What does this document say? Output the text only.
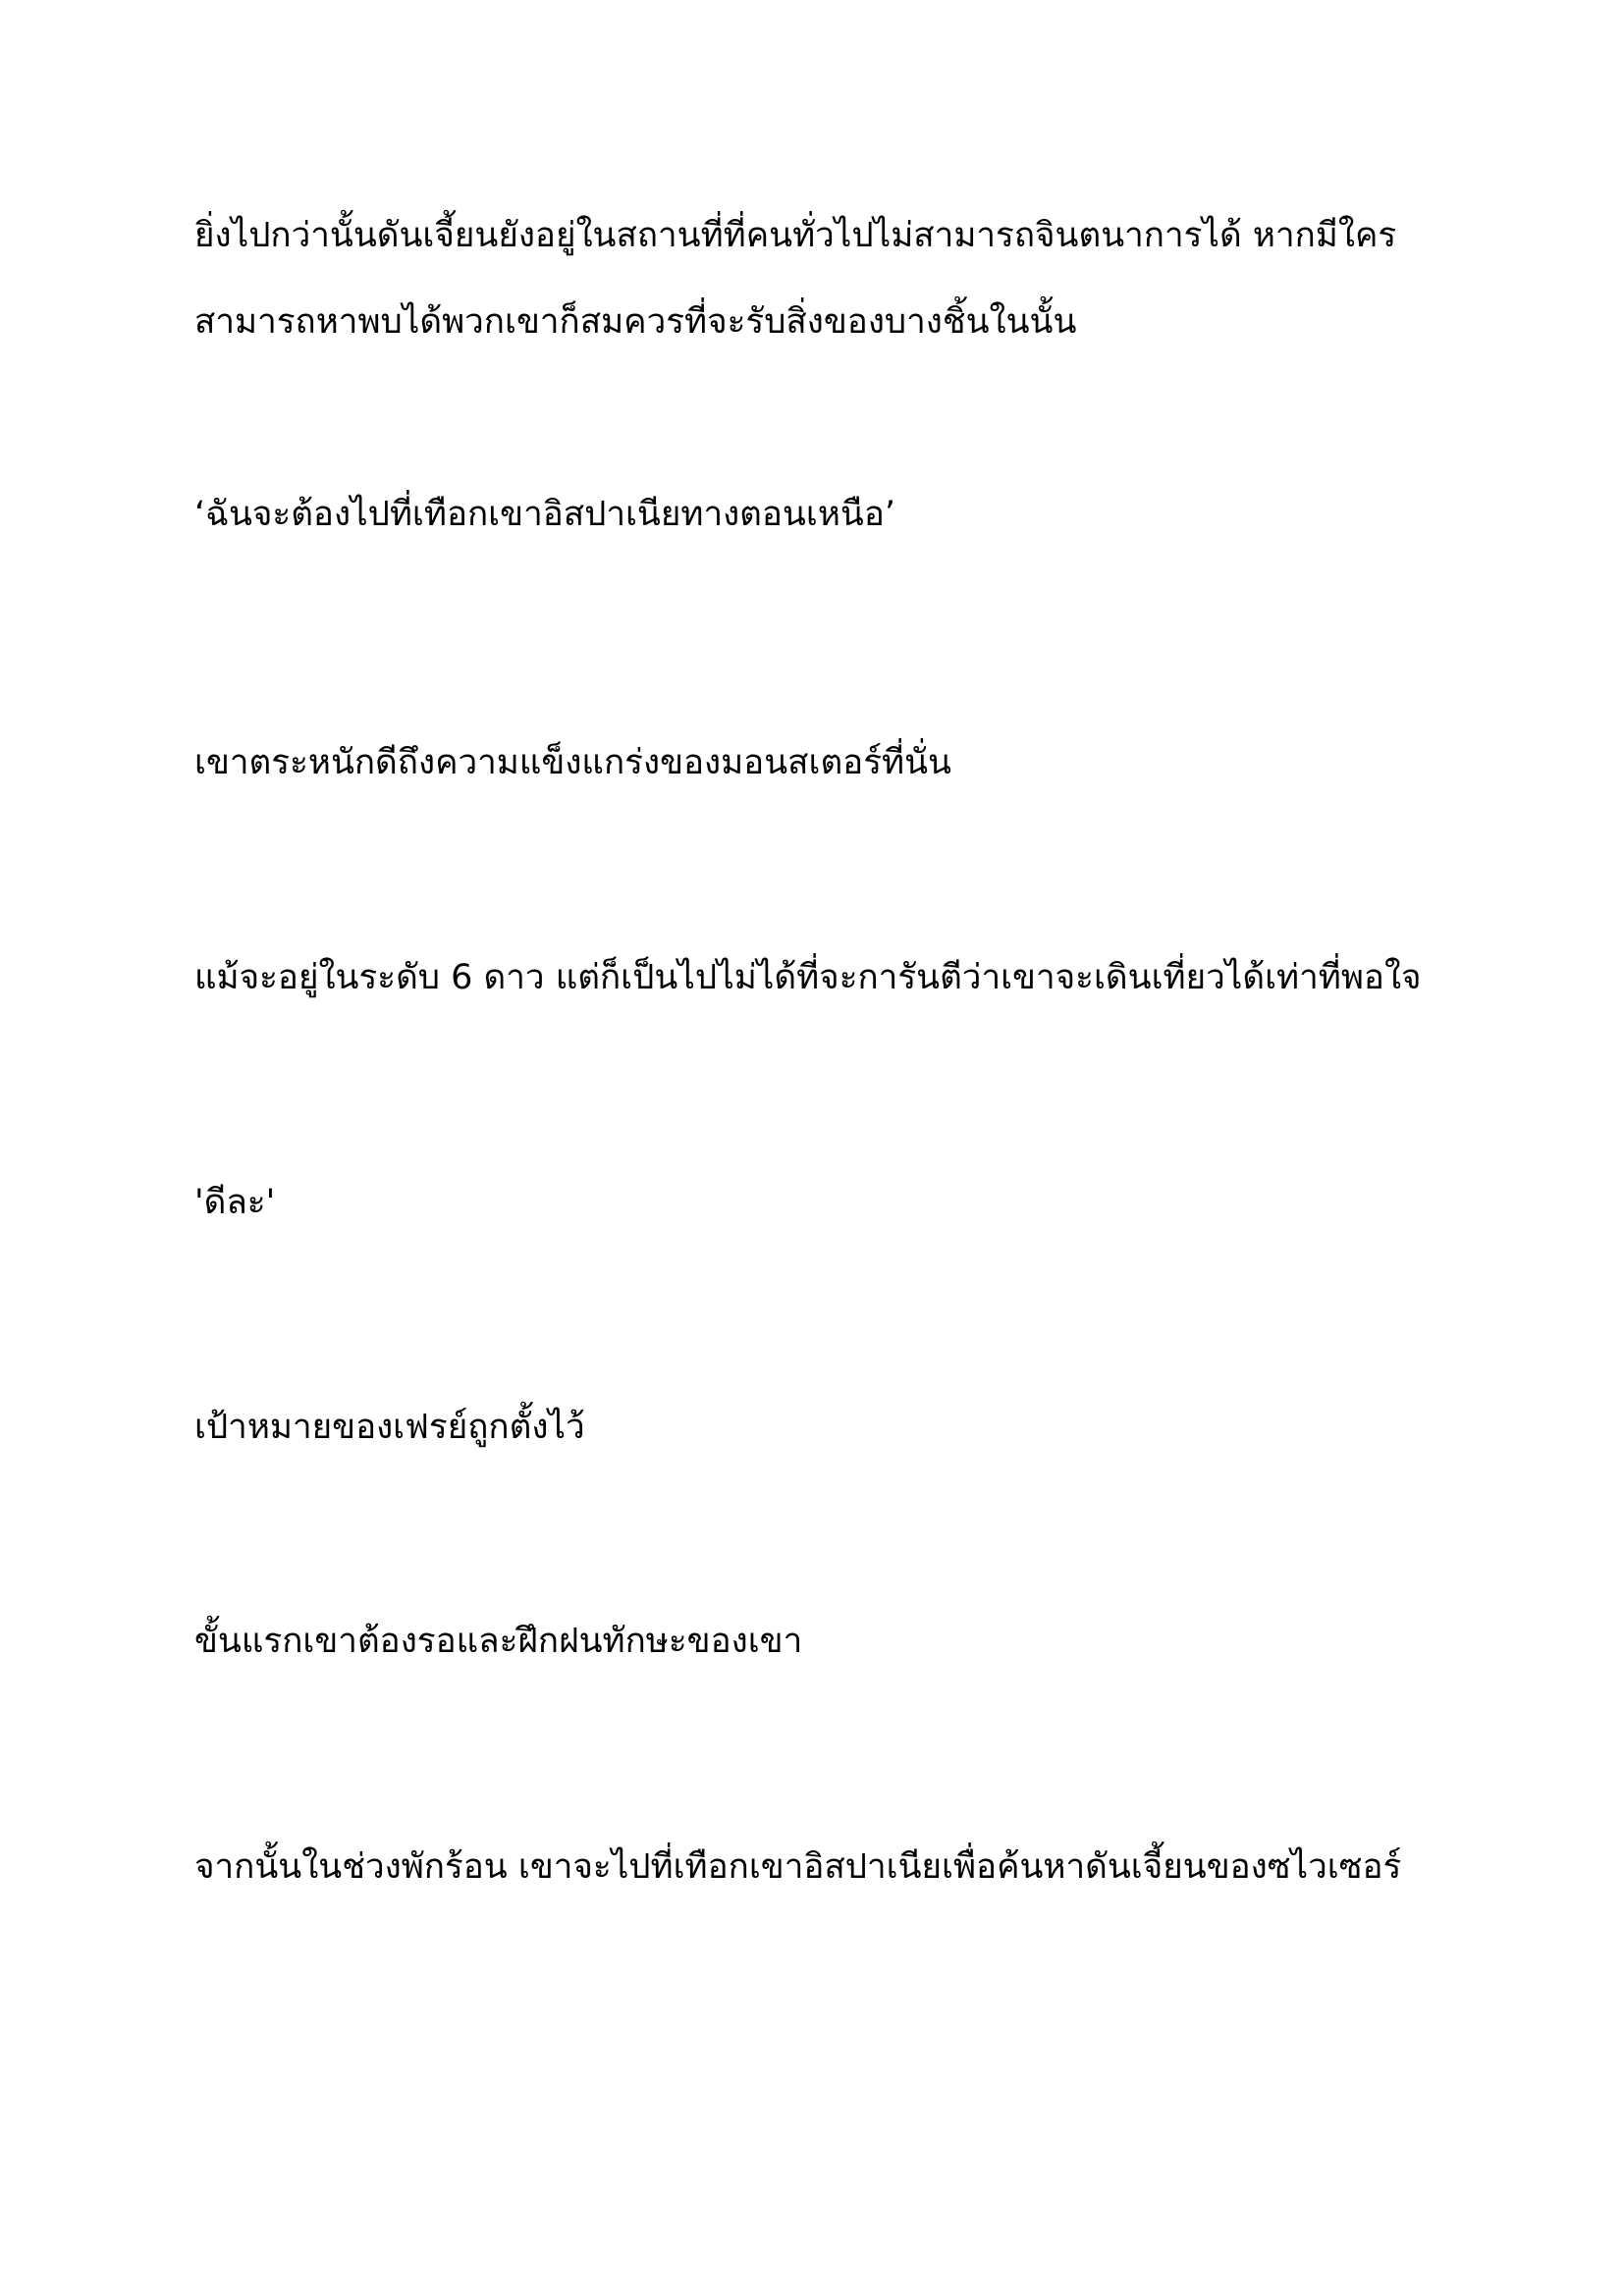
ยิ่งไปกว่านั้นดันเจี้ยนยังอยู่ในสถานที่ที่คนทั่วไปไม่สามารถจินตนาการได้ หากมีใคร
สามารถหาพบได้พวกเขาก็สมควรที่จะรับสิ่งของบางชิ้นในนั้น

‘ฉันจะต้องไปที่เทือกเขาอิสปาเนียทางตอนเหนือ’

เขาตระหนักดีถึงความแข็งแกร่งของมอนสเตอร์ที่นั่น

แม้จะอยู่ในระดับ 6 ดาว แต่ก็เป็นไปไม่ได้ที่จะการันตีว่าเขาจะเดินเที่ยวได้เท่าที่พอใจ

'ดีละ'

เป้าหมายของเฟรย์ถูกตั้งไว้

ขั้นแรกเขาต้องรอและฝึกฝนทักษะของเขา

จากนั้นในช่วงพักร้อน เขาจะไปที่เทือกเขาอิสปาเนียเพื่อค้นหาดันเจี้ยนของซไวเซอร์
